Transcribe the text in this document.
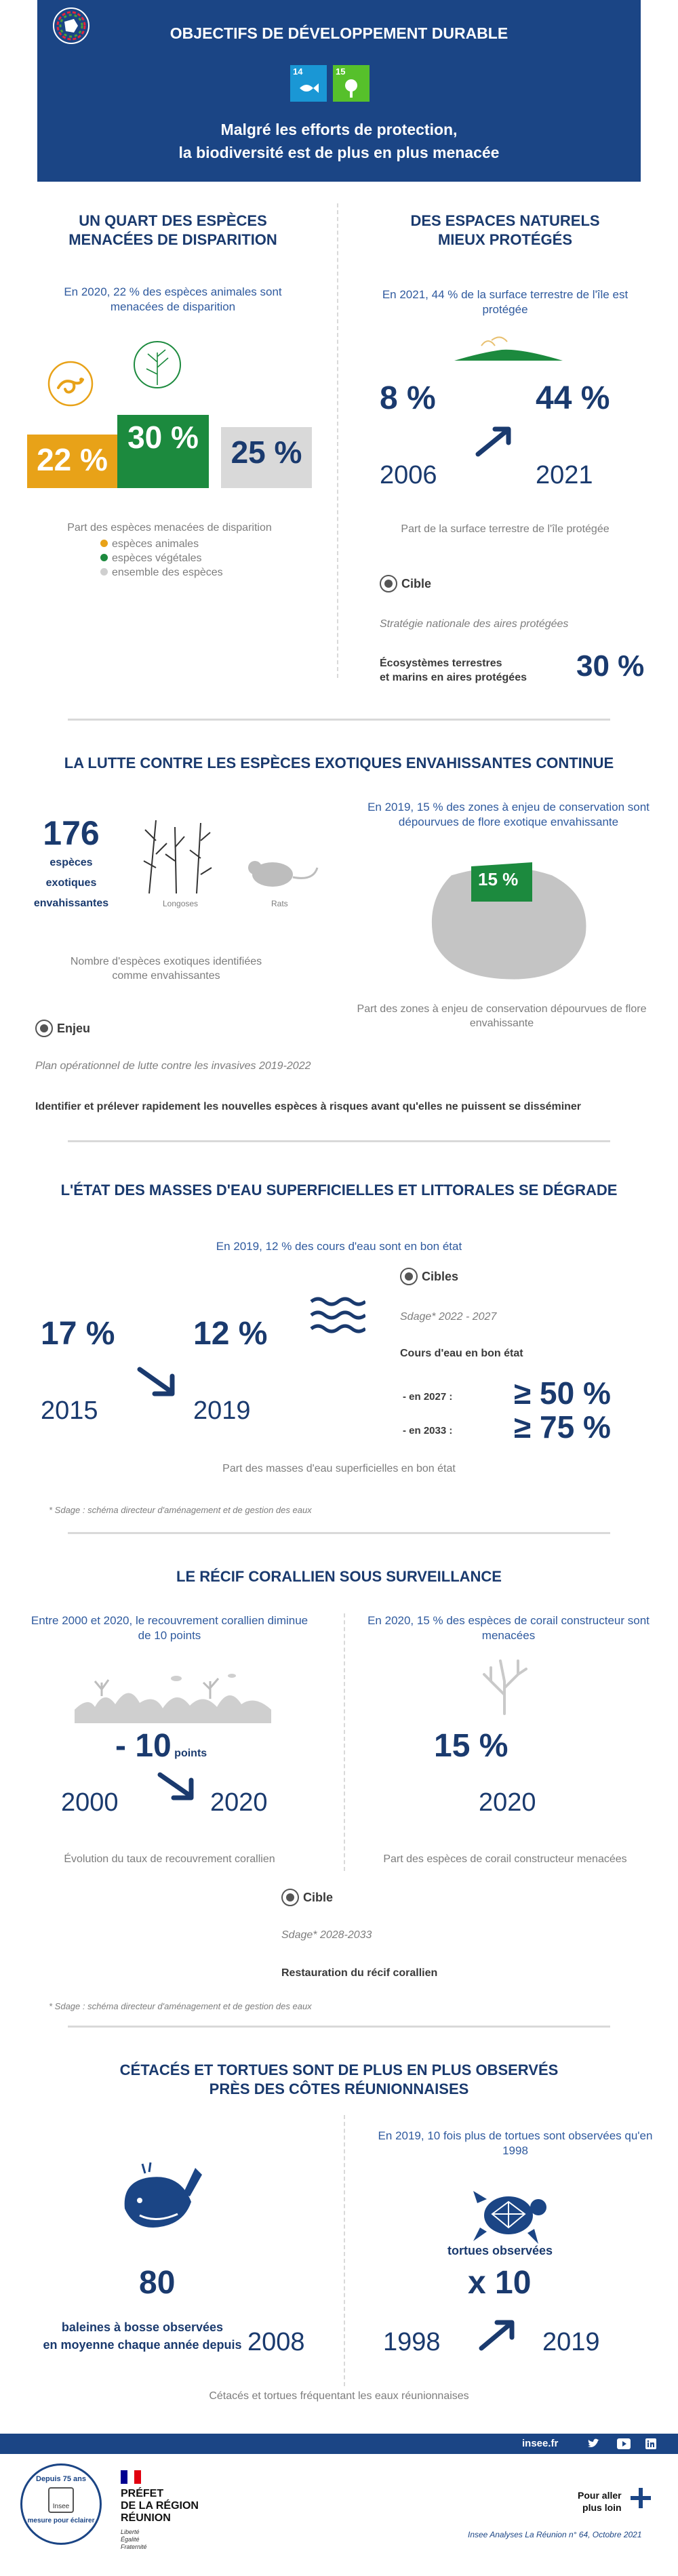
OBJECTIFS DE DÉVELOPPEMENT DURABLE
14	15
Malgré les efforts de protection,
la biodiversité est de plus en plus menacée
UN QUART DES ESPÈCES
MENACÉES DE DISPARITION
En 2020, 22 % des espèces animales sont menacées de disparition
22 %
30 %	25 %
Part des espèces menacées de disparition
espèces animales
espèces végétales
ensemble des espèces
DES ESPACES NATURELS
MIEUX PROTÉGÉS
En 2021, 44 % de la surface terrestre de l'île est protégée
8 %	44 %
2006	2021
Part de la surface terrestre de l'île protégée
Cible
Stratégie nationale des aires protégées
Écosystèmes terrestres
et marins en aires protégées 30 %
LA LUTTE CONTRE LES ESPÈCES EXOTIQUES ENVAHISSANTES CONTINUE
176
espèces
exotiques
envahissantes	Longoses	Rats
Nombre d'espèces exotiques identifiées comme envahissantes
En 2019, 15 % des zones à enjeu de conservation sont dépourvues de flore exotique envahissante
15 %
Part des zones à enjeu de conservation dépourvues de flore envahissante
Enjeu
Plan opérationnel de lutte contre les invasives 2019-2022
Identifier et prélever rapidement les nouvelles espèces à risques avant qu'elles ne puissent se disséminer
L'ÉTAT DES MASSES D'EAU SUPERFICIELLES ET LITTORALES SE DÉGRADE
En 2019, 12 % des cours d'eau sont en bon état
17 % 12 %
2015	2019
Cibles
Sdage* 2022 - 2027
Cours d'eau en bon état
- en 2027 : ≥ 50 %
- en 2033 : ≥ 75 %
Part des masses d'eau superficielles en bon état
* Sdage : schéma directeur d'aménagement et de gestion des eaux
LE RÉCIF CORALLIEN SOUS SURVEILLANCE
Entre 2000 et 2020, le recouvrement corallien diminue de 10 points
- 10 points
2000	2020
Évolution du taux de recouvrement corallien
En 2020, 15 % des espèces de corail constructeur sont menacées
15 %
2020
Part des espèces de corail constructeur menacées
Cible
Sdage* 2028-2033
Restauration du récif corallien
* Sdage : schéma directeur d'aménagement et de gestion des eaux
CÉTACÉS ET TORTUES SONT DE PLUS EN PLUS OBSERVÉS
PRÈS DES CÔTES RÉUNIONNAISES
80
baleines à bosse observées
en moyenne chaque année depuis 2008
En 2019, 10 fois plus de tortues sont observées qu'en 1998
tortues observées
x 10
1998	2019
Cétacés et tortues fréquentant les eaux réunionnaises
insee.fr
Depuis 75 ans
Insee
mesure pour éclairer
PRÉFET
DE LA RÉGION
RÉUNION
Liberté
Égalité
Fraternité
Pour aller
plus loin
Insee Analyses La Réunion n° 64, Octobre 2021
